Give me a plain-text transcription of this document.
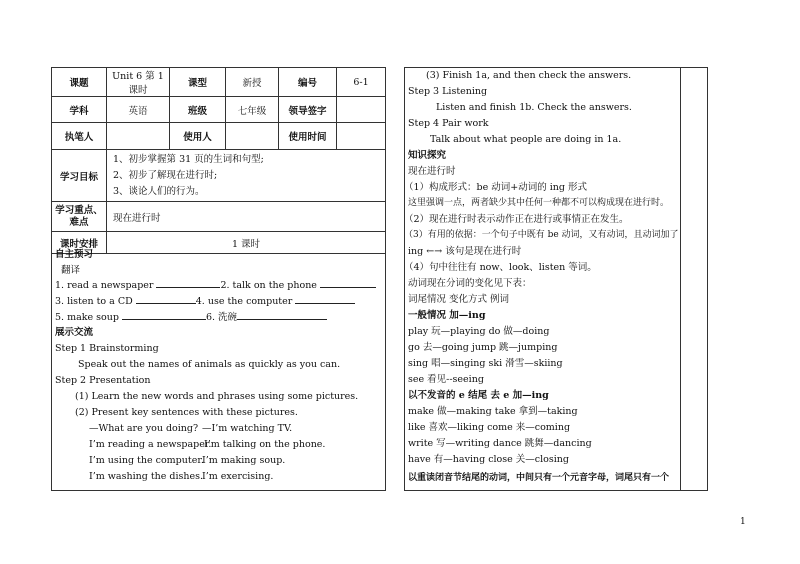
课题	Unit 6 第 1 课时	课型	新授	编号	6-1
学科	英语	班级	七年级	领导签字	
执笔人		使用人		使用时间	
学习目标	1、初步掌握第 31 页的生词和句型;
2、初步了解现在进行时;
3、谈论人们的行为。				

学习重点、难点	现在进行时				
课时安排	1 课时				
自主预习
翻译
1. read a newspaper	2. talk on the phone
3. listen to a CD	4. use the computer
5. make soup	6. 洗碗
展示交流
Step 1 Brainstorming
Speak out the names of animals as quickly as you can.
Step 2 Presentation
(1) Learn the new words and phrases using some pictures.
(2) Present key sentences with these pictures.
—What are you doing? —I’m watching TV.
I’m reading a newspaper.
I’m talking on the phone.
I’m using the computer.
I’m making soup.
I’m washing the dishes.
I’m exercising.
(3) Finish 1a, and then check the answers.
Step 3 Listening
Listen and finish 1b. Check the answers.
Step 4 Pair work
Talk about what people are doing in 1a.
知识探究
现在进行时
（1）构成形式：be 动词+动词的 ing 形式
这里强调一点，两者缺少其中任何一种都不可以构成现在进行时。
（2）现在进行时表示动作正在进行或事情正在发生。
（3）有用的依据：一个句子中既有 be 动词，又有动词，且动词加了
ing ←→ 该句是现在进行时
（4）句中往往有 now、look、listen 等词。
动词现在分词的变化见下表：
词尾情况 变化方式 例词
一般情况 加—ing
play 玩—playing do 做—doing
go 去—going jump 跳—jumping
sing 唱—singing ski 滑雪—skiing
see 看见--seeing
以不发音的 e 结尾 去 e 加—ing
make 做—making take 拿到—taking
like 喜欢—liking come 来—coming
write 写—writing dance 跳舞—dancing
have 有—having close 关—closing
以重读闭音节结尾的动词，中间只有一个元音字母，词尾只有一个
1
